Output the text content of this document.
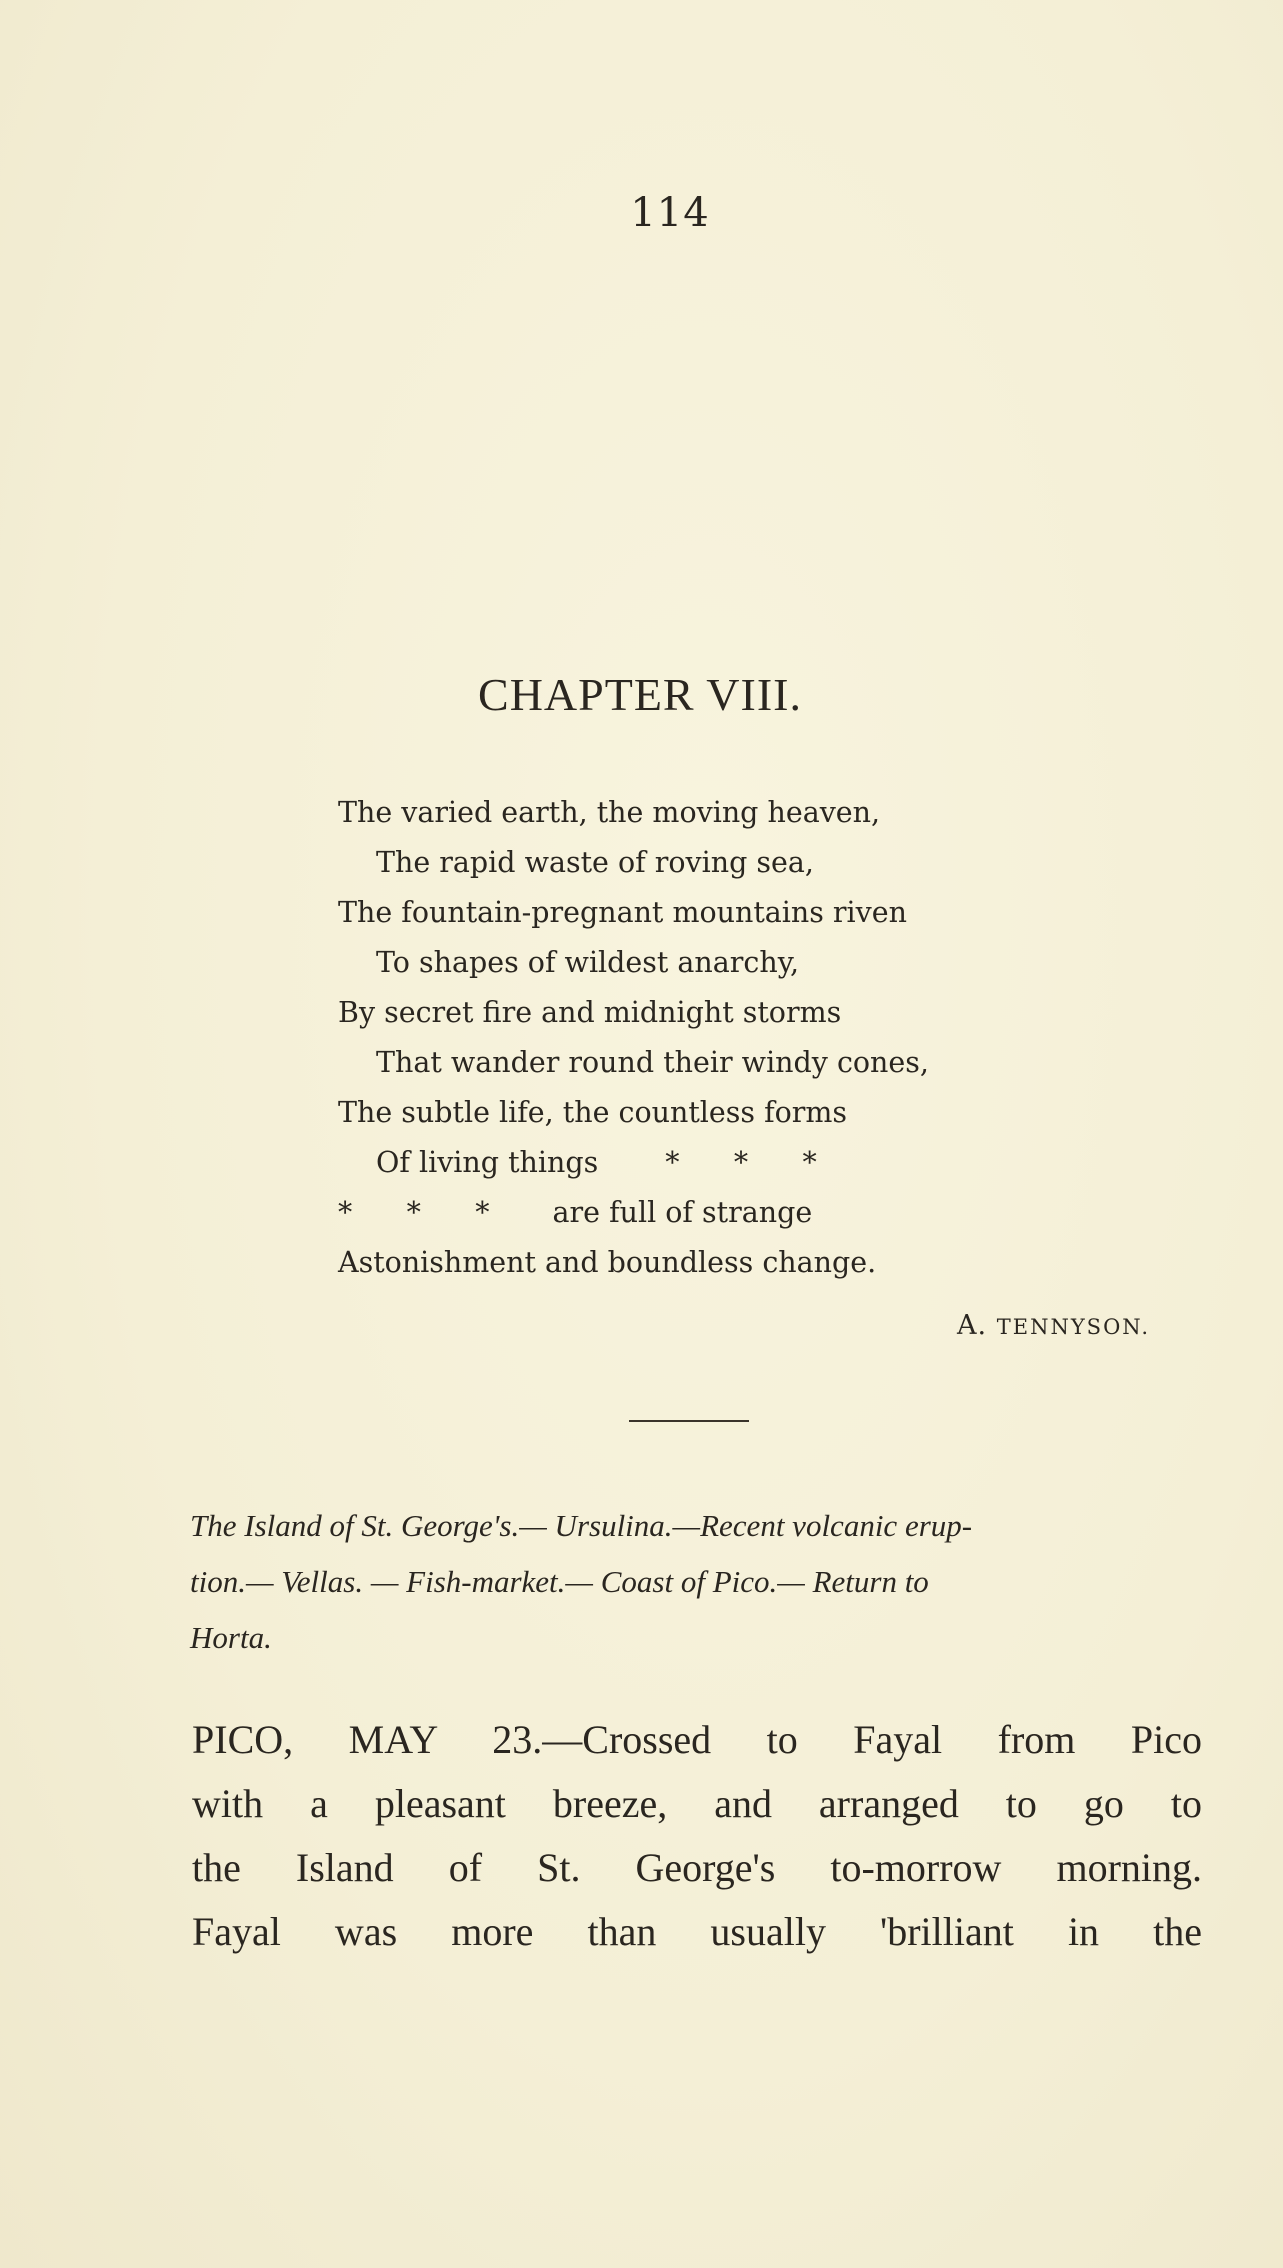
114
CHAPTER VIII.
The varied earth, the moving heaven,
The rapid waste of roving sea,
The fountain-pregnant mountains riven
To shapes of wildest anarchy,
By secret fire and midnight storms
That wander round their windy cones,
The subtle life, the countless forms
Of living things *      *      *
*      *      * are full of strange
Astonishment and boundless change.
A. TENNYSON.
The Island of St. George's.— Ursulina.—Recent volcanic erup-
tion.— Vellas. — Fish-market.— Coast of Pico.— Return to
Horta.
PICO, MAY 23.—Crossed to Fayal from Pico
with a pleasant breeze, and arranged to go to
the Island of St. George's to-morrow morning.
Fayal was more than usually 'brilliant in the
